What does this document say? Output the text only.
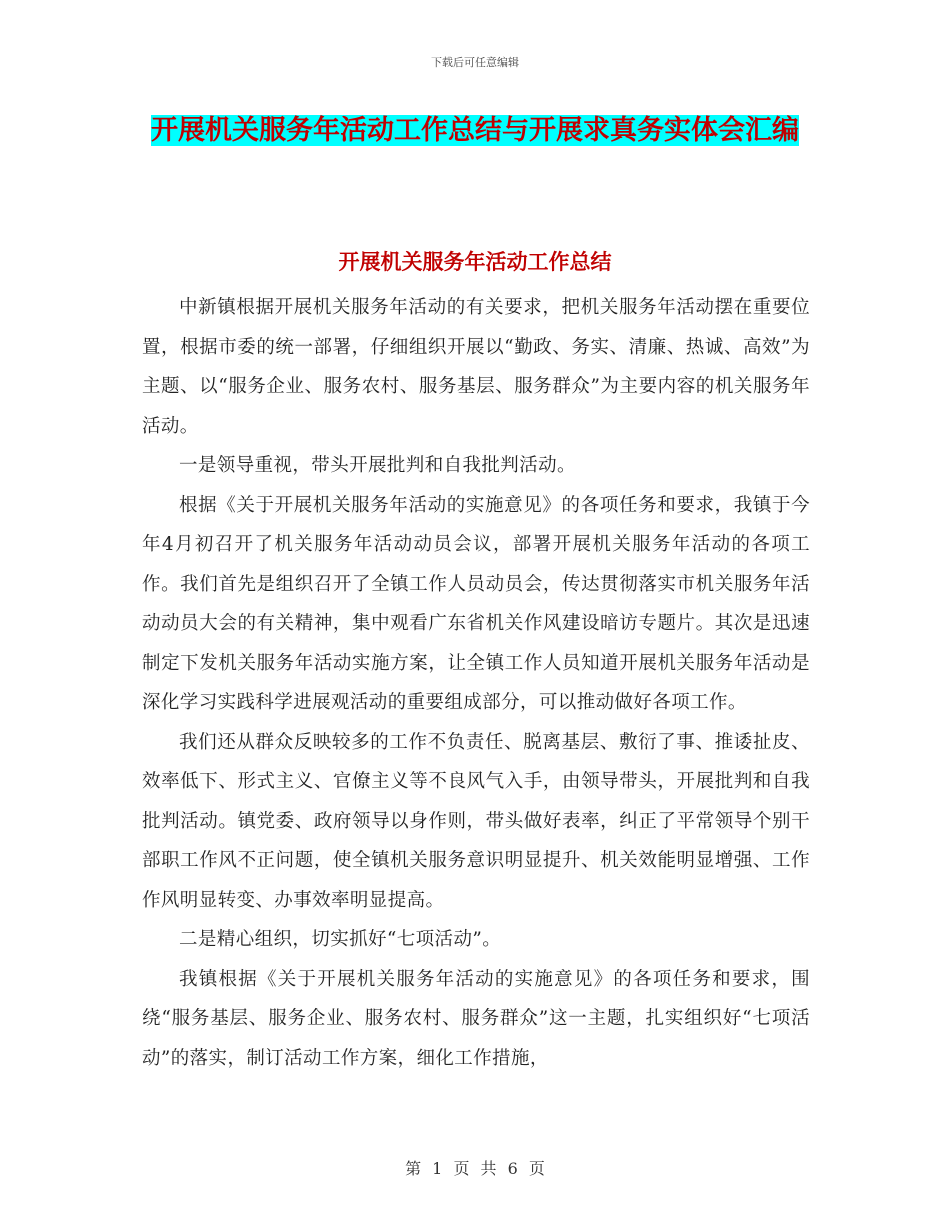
下载后可任意编辑
开展机关服务年活动工作总结与开展求真务实体会汇编
开展机关服务年活动工作总结

中新镇根据开展机关服务年活动的有关要求，把机关服务年活动摆在重要位置，根据市委的统一部署，仔细组织开展以“勤政、务实、清廉、热诚、高效”为主题、以“服务企业、服务农村、服务基层、服务群众”为主要内容的机关服务年活动。

一是领导重视，带头开展批判和自我批判活动。

根据《关于开展机关服务年活动的实施意见》的各项任务和要求，我镇于今年4月初召开了机关服务年活动动员会议，部署开展机关服务年活动的各项工作。我们首先是组织召开了全镇工作人员动员会，传达贯彻落实市机关服务年活动动员大会的有关精神，集中观看广东省机关作风建设暗访专题片。其次是迅速制定下发机关服务年活动实施方案，让全镇工作人员知道开展机关服务年活动是深化学习实践科学进展观活动的重要组成部分，可以推动做好各项工作。

我们还从群众反映较多的工作不负责任、脱离基层、敷衍了事、推诿扯皮、效率低下、形式主义、官僚主义等不良风气入手，由领导带头，开展批判和自我批判活动。镇党委、政府领导以身作则，带头做好表率，纠正了平常领导个别干部职工作风不正问题，使全镇机关服务意识明显提升、机关效能明显增强、工作作风明显转变、办事效率明显提高。

二是精心组织，切实抓好“七项活动”。

我镇根据《关于开展机关服务年活动的实施意见》的各项任务和要求，围绕“服务基层、服务企业、服务农村、服务群众”这一主题，扎实组织好“七项活动”的落实，制订活动工作方案，细化工作措施，

第 1 页 共 6 页
